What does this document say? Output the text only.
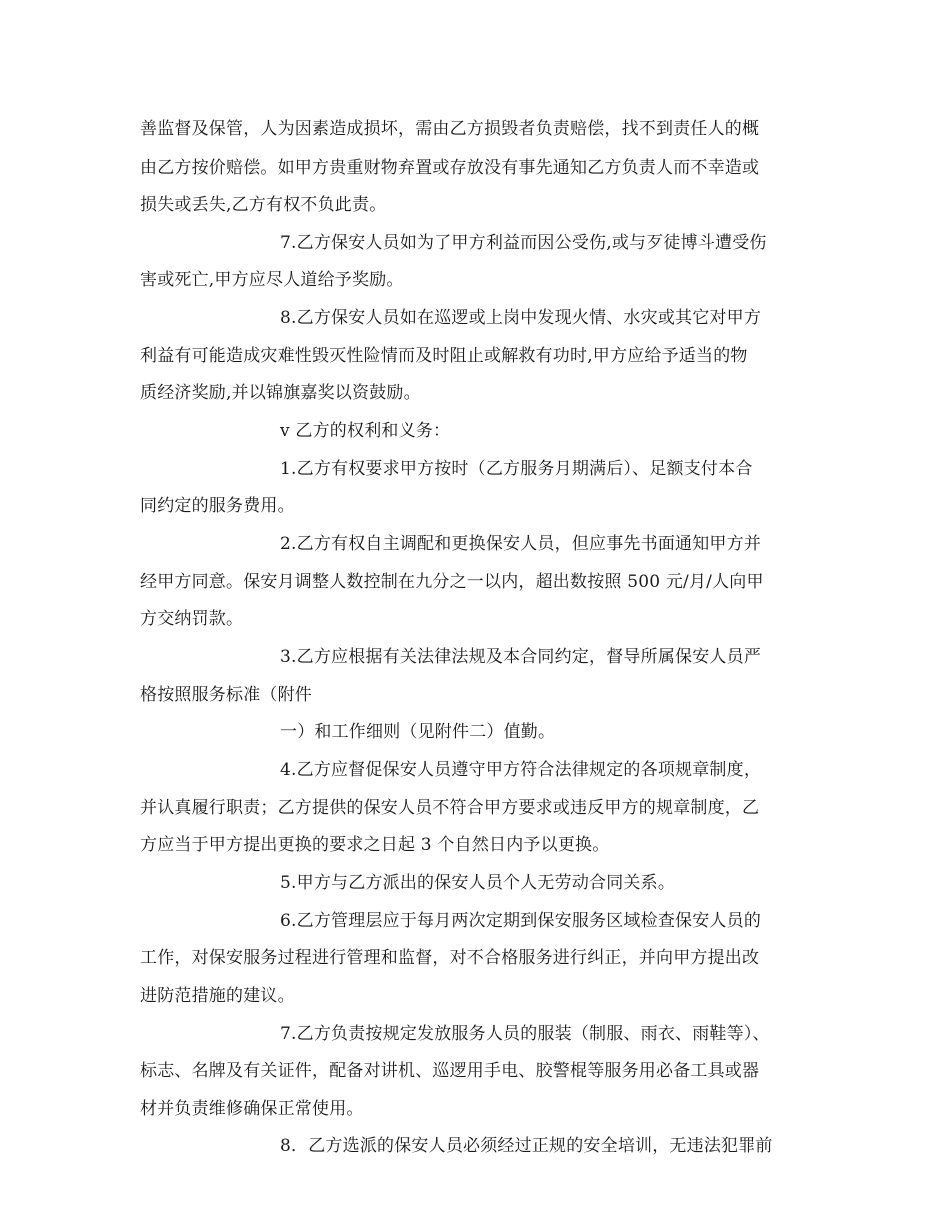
善监督及保管，人为因素造成损坏，需由乙方损毁者负责赔偿，找不到责任人的概
由乙方按价赔偿。如甲方贵重财物弃置或存放没有事先通知乙方负责人而不幸造或
损失或丢失,乙方有权不负此责。
7.乙方保安人员如为了甲方利益而因公受伤,或与歹徒博斗遭受伤
害或死亡,甲方应尽人道给予奖励。
8.乙方保安人员如在巡逻或上岗中发现火情、水灾或其它对甲方
利益有可能造成灾难性毁灭性险情而及时阻止或解救有功时,甲方应给予适当的物
质经济奖励,并以锦旗嘉奖以资鼓励。
v 乙方的权利和义务：
1.乙方有权要求甲方按时（乙方服务月期满后）、足额支付本合
同约定的服务费用。
2.乙方有权自主调配和更换保安人员，但应事先书面通知甲方并
经甲方同意。保安月调整人数控制在九分之一以内，超出数按照 500 元/月/人向甲
方交纳罚款。
3.乙方应根据有关法律法规及本合同约定，督导所属保安人员严
格按照服务标准（附件
一）和工作细则（见附件二）值勤。
4.乙方应督促保安人员遵守甲方符合法律规定的各项规章制度，
并认真履行职责；乙方提供的保安人员不符合甲方要求或违反甲方的规章制度，乙
方应当于甲方提出更换的要求之日起 3 个自然日内予以更换。
5.甲方与乙方派出的保安人员个人无劳动合同关系。
6.乙方管理层应于每月两次定期到保安服务区域检查保安人员的
工作，对保安服务过程进行管理和监督，对不合格服务进行纠正，并向甲方提出改
进防范措施的建议。
7.乙方负责按规定发放服务人员的服装（制服、雨衣、雨鞋等）、
标志、名牌及有关证件，配备对讲机、巡逻用手电、胶警棍等服务用必备工具或器
材并负责维修确保正常使用。
8．乙方选派的保安人员必须经过正规的安全培训，无违法犯罪前
